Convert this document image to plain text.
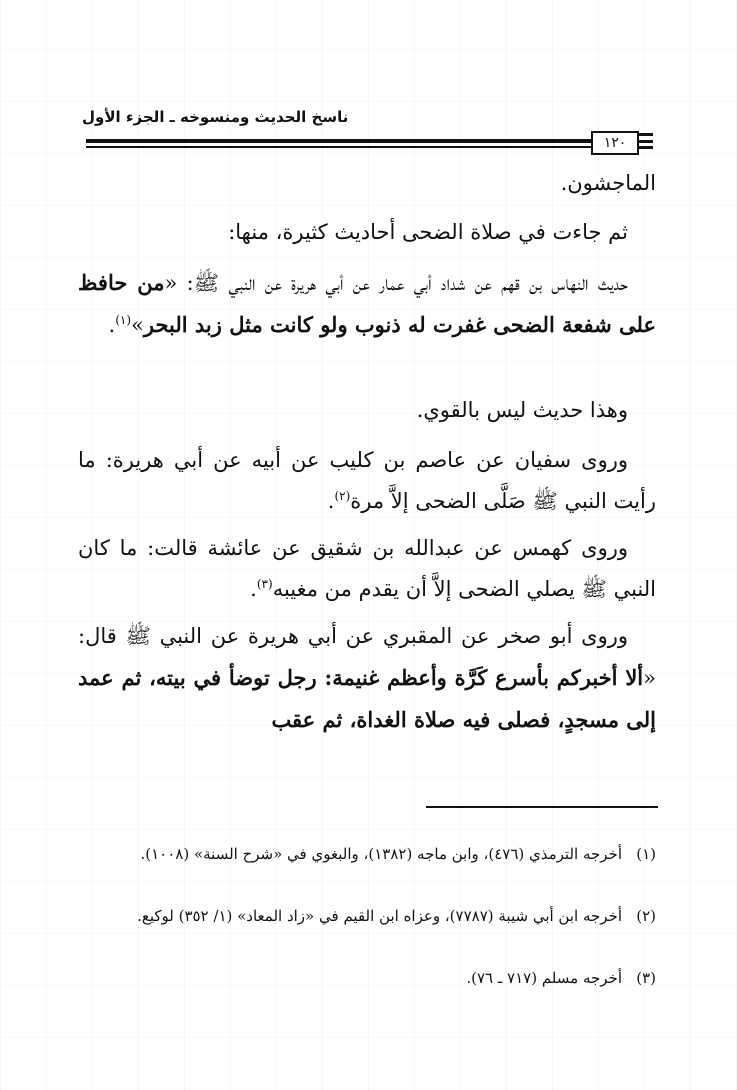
ناسخ الحديث ومنسوخه ـ الجزء الأول
١٢٠
الماجشون.
ثم جاءت في صلاة الضحى أحاديث كثيرة، منها:
حديث النهاس بن قهم عن شداد أبي عمار عن أبي هريرة عن النبي ﷺ: «من حافظ على شفعة الضحى غفرت له ذنوب ولو كانت مثل زبد البحر»$^{(١)}$.
وهذا حديث ليس بالقوي.
وروى سفيان عن عاصم بن كليب عن أبيه عن أبي هريرة: ما رأيت النبي ﷺ صَلَّى الضحى إلاَّ مرة$^{(٢)}$.
وروى كهمس عن عبدالله بن شقيق عن عائشة قالت: ما كان النبي ﷺ يصلي الضحى إلاَّ أن يقدم من مغيبه$^{(٣)}$.
وروى أبو صخر عن المقبري عن أبي هريرة عن النبي ﷺ قال: «ألا أخبركم بأسرع كَرَّة وأعظم غنيمة: رجل توضأ في بيته، ثم عمد إلى مسجدٍ، فصلى فيه صلاة الغداة، ثم عقب
(١)
أخرجه الترمذي (٤٧٦)، وابن ماجه (١٣٨٢)، والبغوي في «شرح السنة» (١٠٠٨).
(٢)
أخرجه ابن أبي شيبة (٧٧٨٧)، وعزاه ابن القيم في «زاد المعاد» (١/ ٣٥٢) لوكيع.
(٣)
أخرجه مسلم (٧١٧ ـ ٧٦).
